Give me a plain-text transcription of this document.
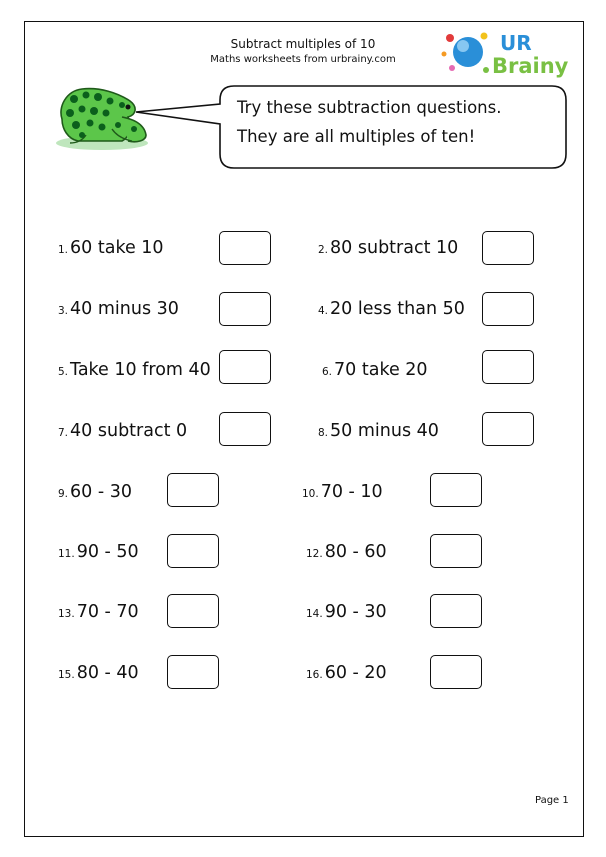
Subtract multiples of 10
Maths worksheets from urbrainy.com
UR
Brainy
Try these subtraction questions.
They are all multiples of ten!
1. 60 take 10	2. 80 subtract 10
3. 40 minus 30	4. 20 less than 50
5. Take 10 from 40	6. 70 take 20
7. 40 subtract 0	8. 50 minus 40
9. 60 - 30	10. 70 - 10
11. 90 - 50	12. 80 - 60
13. 70 - 70	14. 90 - 30
15. 80 - 40	16. 60 - 20
Page 1
